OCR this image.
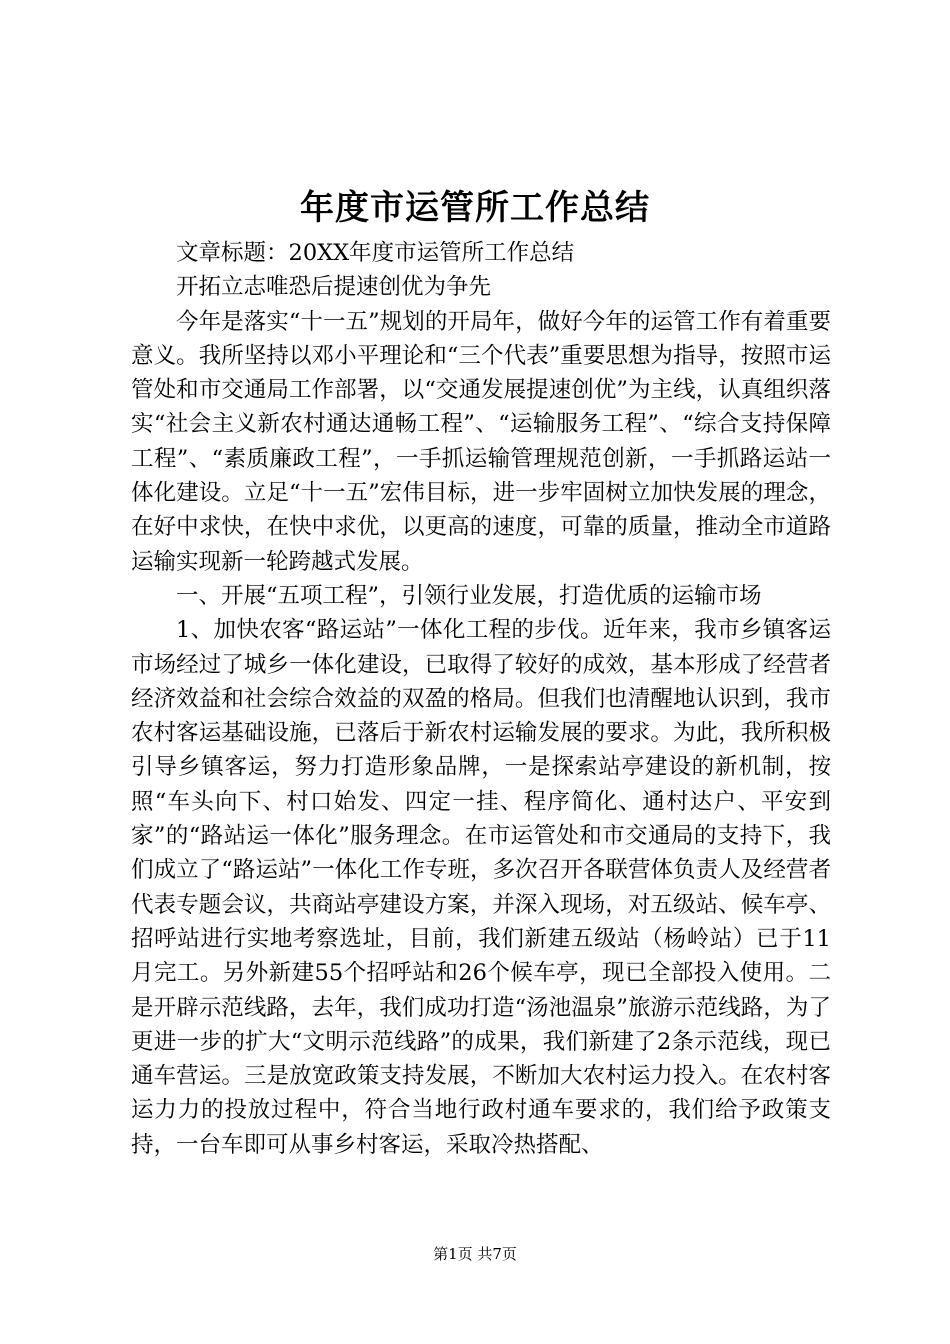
年度市运管所工作总结

文章标题：20XX年度市运管所工作总结

开拓立志唯恐后提速创优为争先

今年是落实“十一五”规划的开局年，做好今年的运管工作有着重要意义。我所坚持以邓小平理论和“三个代表”重要思想为指导，按照市运管处和市交通局工作部署，以“交通发展提速创优”为主线，认真组织落实“社会主义新农村通达通畅工程”、“运输服务工程”、“综合支持保障工程”、“素质廉政工程”，一手抓运输管理规范创新，一手抓路运站一体化建设。立足“十一五”宏伟目标，进一步牢固树立加快发展的理念，在好中求快，在快中求优，以更高的速度，可靠的质量，推动全市道路运输实现新一轮跨越式发展。

一、开展“五项工程”，引领行业发展，打造优质的运输市场

1、加快农客“路运站”一体化工程的步伐。近年来，我市乡镇客运市场经过了城乡一体化建设，已取得了较好的成效，基本形成了经营者经济效益和社会综合效益的双盈的格局。但我们也清醒地认识到，我市农村客运基础设施，已落后于新农村运输发展的要求。为此，我所积极引导乡镇客运，努力打造形象品牌，一是探索站亭建设的新机制，按照“车头向下、村口始发、四定一挂、程序简化、通村达户、平安到家”的“路站运一体化”服务理念。在市运管处和市交通局的支持下，我们成立了“路运站”一体化工作专班，多次召开各联营体负责人及经营者代表专题会议，共商站亭建设方案，并深入现场，对五级站、候车亭、招呼站进行实地考察选址，目前，我们新建五级站（杨岭站）已于11月完工。另外新建55个招呼站和26个候车亭，现已全部投入使用。二是开辟示范线路，去年，我们成功打造“汤池温泉”旅游示范线路，为了更进一步的扩大“文明示范线路”的成果，我们新建了2条示范线，现已通车营运。三是放宽政策支持发展，不断加大农村运力投入。在农村客运力力的投放过程中，符合当地行政村通车要求的，我们给予政策支持，一台车即可从事乡村客运，采取冷热搭配、

第1页 共7页
